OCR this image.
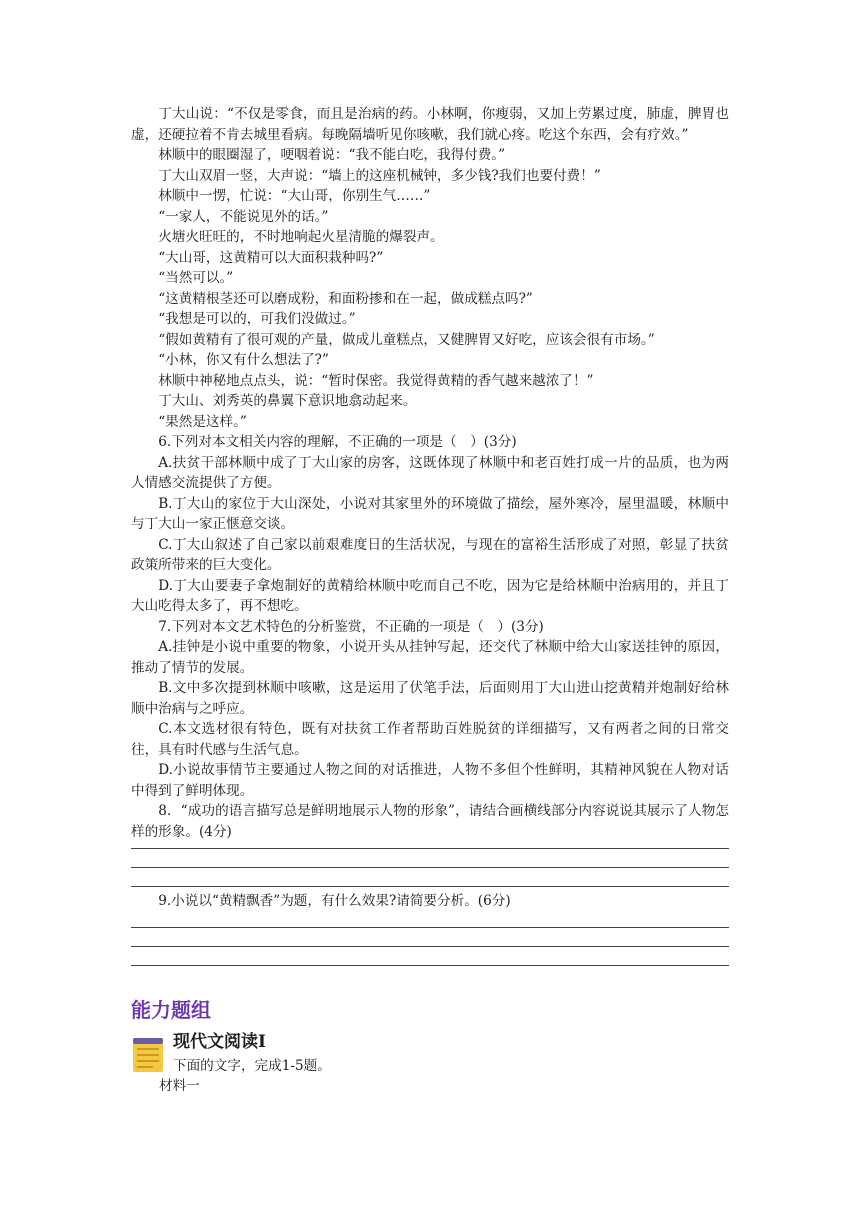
丁大山说：“不仅是零食，而且是治病的药。小林啊，你瘦弱，又加上劳累过度，肺虚，脾胃也虚，还硬拉着不肯去城里看病。每晚隔墙听见你咳嗽，我们就心疼。吃这个东西，会有疗效。”

林顺中的眼圈湿了，哽咽着说：“我不能白吃，我得付费。”

丁大山双眉一竖，大声说：“墙上的这座机械钟，多少钱?我们也要付费！”

林顺中一愣，忙说：“大山哥，你别生气……”

“一家人，不能说见外的话。”

火塘火旺旺的，不时地响起火星清脆的爆裂声。

“大山哥，这黄精可以大面积栽种吗?”

“当然可以。”

“这黄精根茎还可以磨成粉，和面粉掺和在一起，做成糕点吗?”

“我想是可以的，可我们没做过。”

“假如黄精有了很可观的产量，做成儿童糕点，又健脾胃又好吃，应该会很有市场。”

“小林，你又有什么想法了?”

林顺中神秘地点点头，说：“暂时保密。我觉得黄精的香气越来越浓了！”

丁大山、刘秀英的鼻翼下意识地翕动起来。

“果然是这样。”

6.下列对本文相关内容的理解，不正确的一项是（　）(3分)

A.扶贫干部林顺中成了丁大山家的房客，这既体现了林顺中和老百姓打成一片的品质，也为两人情感交流提供了方便。

B.丁大山的家位于大山深处，小说对其家里外的环境做了描绘，屋外寒冷，屋里温暖，林顺中与丁大山一家正惬意交谈。

C.丁大山叙述了自己家以前艰难度日的生活状况，与现在的富裕生活形成了对照，彰显了扶贫政策所带来的巨大变化。

D.丁大山要妻子拿炮制好的黄精给林顺中吃而自己不吃，因为它是给林顺中治病用的，并且丁大山吃得太多了，再不想吃。

7.下列对本文艺术特色的分析鉴赏，不正确的一项是（　）(3分)

A.挂钟是小说中重要的物象，小说开头从挂钟写起，还交代了林顺中给大山家送挂钟的原因，推动了情节的发展。

B.文中多次提到林顺中咳嗽，这是运用了伏笔手法，后面则用丁大山进山挖黄精并炮制好给林顺中治病与之呼应。

C.本文选材很有特色，既有对扶贫工作者帮助百姓脱贫的详细描写，又有两者之间的日常交往，具有时代感与生活气息。

D.小说故事情节主要通过人物之间的对话推进，人物不多但个性鲜明，其精神风貌在人物对话中得到了鲜明体现。

8．“成功的语言描写总是鲜明地展示人物的形象”，请结合画横线部分内容说说其展示了人物怎样的形象。(4分)

9.小说以“黄精飘香”为题，有什么效果?请简要分析。(6分)

能力题组
现代文阅读Ⅰ

下面的文字，完成1-5题。

材料一
